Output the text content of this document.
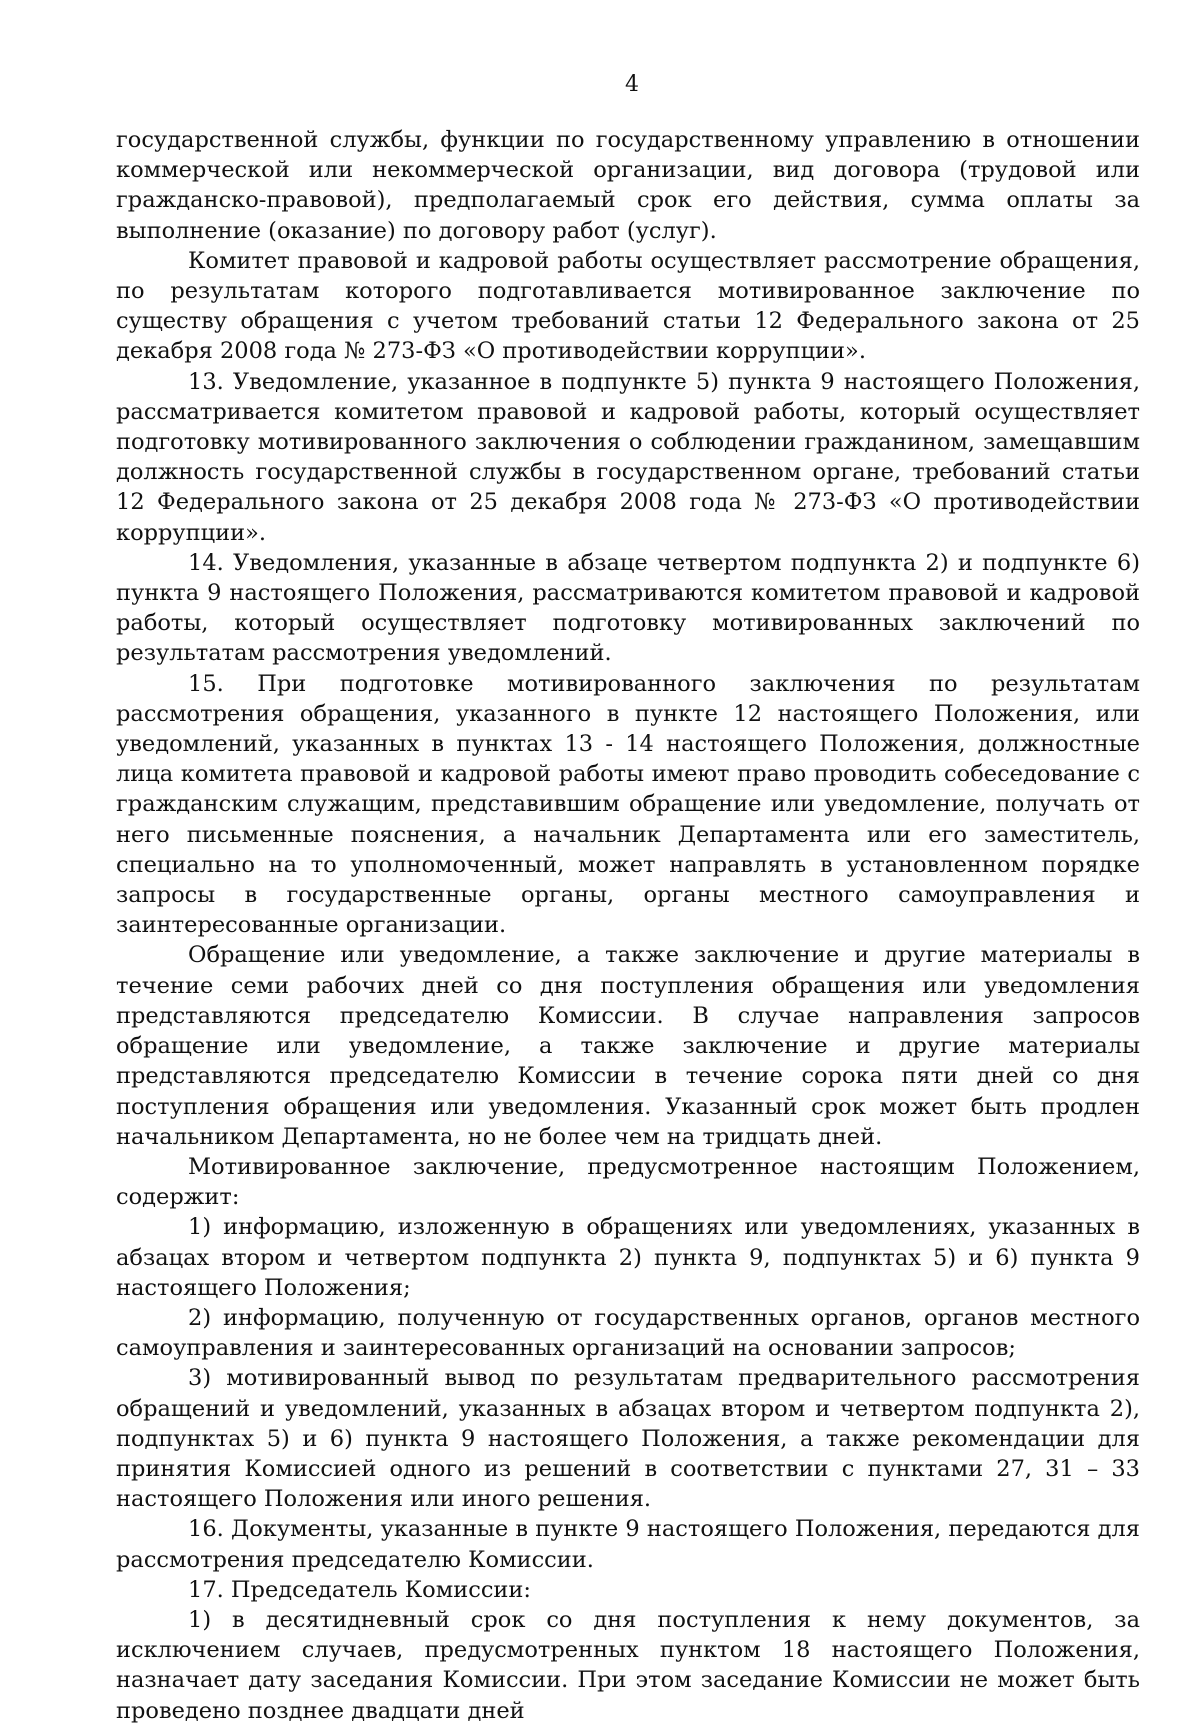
4

государственной службы, функции по государственному управлению в отношении коммерческой или некоммерческой организации, вид договора (трудовой или гражданско-правовой), предполагаемый срок его действия, сумма оплаты за выполнение (оказание) по договору работ (услуг).

Комитет правовой и кадровой работы осуществляет рассмотрение обращения, по результатам которого подготавливается мотивированное заключение по существу обращения с учетом требований статьи 12 Федерального закона от 25 декабря 2008 года № 273-ФЗ «О противодействии коррупции».

13. Уведомление, указанное в подпункте 5) пункта 9 настоящего Положения, рассматривается комитетом правовой и кадровой работы, который осуществляет подготовку мотивированного заключения о соблюдении гражданином, замещавшим должность государственной службы в государственном органе, требований статьи 12 Федерального закона от 25 декабря 2008 года № 273-ФЗ «О противодействии коррупции».

14. Уведомления, указанные в абзаце четвертом подпункта 2) и подпункте 6) пункта 9 настоящего Положения, рассматриваются комитетом правовой и кадровой работы, который осуществляет подготовку мотивированных заключений по результатам рассмотрения уведомлений.

15. При подготовке мотивированного заключения по результатам рассмотрения обращения, указанного в пункте 12 настоящего Положения, или уведомлений, указанных в пунктах 13 - 14 настоящего Положения, должностные лица комитета правовой и кадровой работы имеют право проводить собеседование с гражданским служащим, представившим обращение или уведомление, получать от него письменные пояснения, а начальник Департамента или его заместитель, специально на то уполномоченный, может направлять в установленном порядке запросы в государственные органы, органы местного самоуправления и заинтересованные организации.

Обращение или уведомление, а также заключение и другие материалы в течение семи рабочих дней со дня поступления обращения или уведомления представляются председателю Комиссии. В случае направления запросов обращение или уведомление, а также заключение и другие материалы представляются председателю Комиссии в течение сорока пяти дней со дня поступления обращения или уведомления. Указанный срок может быть продлен начальником Департамента, но не более чем на тридцать дней.

Мотивированное заключение, предусмотренное настоящим Положением, содержит:

1) информацию, изложенную в обращениях или уведомлениях, указанных в абзацах втором и четвертом подпункта 2) пункта 9, подпунктах 5) и 6) пункта 9 настоящего Положения;

2) информацию, полученную от государственных органов, органов местного самоуправления и заинтересованных организаций на основании запросов;

3) мотивированный вывод по результатам предварительного рассмотрения обращений и уведомлений, указанных в абзацах втором и четвертом подпункта 2), подпунктах 5) и 6) пункта 9 настоящего Положения, а также рекомендации для принятия Комиссией одного из решений в соответствии с пунктами 27, 31 – 33 настоящего Положения или иного решения.

16. Документы, указанные в пункте 9 настоящего Положения, передаются для рассмотрения председателю Комиссии.

17. Председатель Комиссии:

1) в десятидневный срок со дня поступления к нему документов, за исключением случаев, предусмотренных пунктом 18 настоящего Положения, назначает дату заседания Комиссии. При этом заседание Комиссии не может быть проведено позднее двадцати дней
